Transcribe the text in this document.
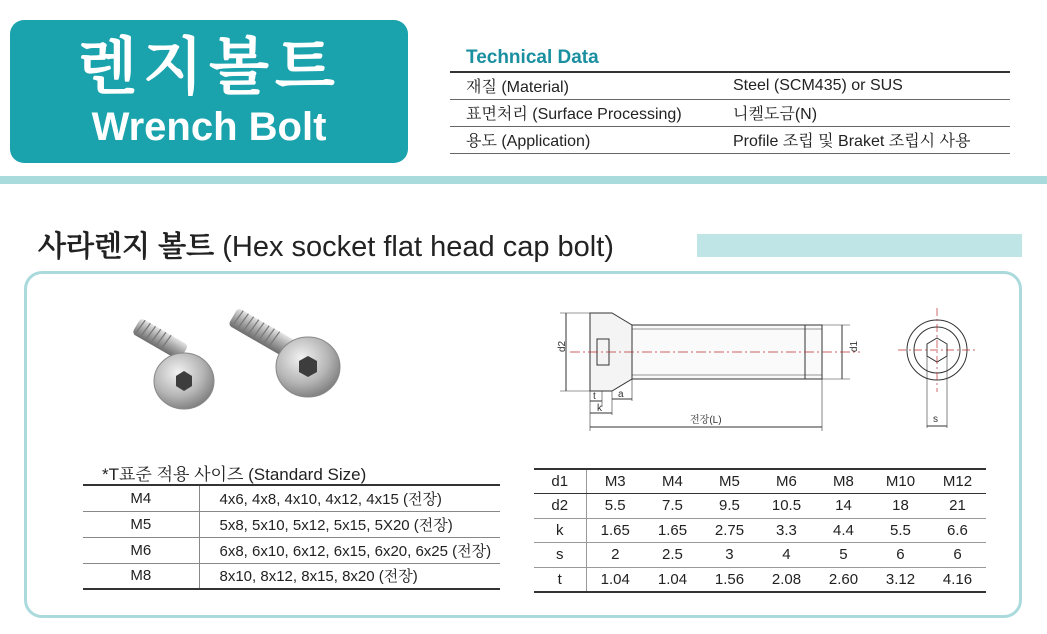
렌지볼트
Wrench Bolt
Technical Data
재질 (Material)	Steel (SCM435) or SUS
표면처리 (Surface Processing)	니켈도금(N)
용도 (Application)	Profile 조립 및 Braket 조립시 사용
사라렌지 볼트 (Hex socket flat head cap bolt)
d2	d1
t a
k
전장(L)	s
*T표준 적용 사이즈 (Standard Size)
M4	4x6, 4x8, 4x10, 4x12, 4x15 (전장)
M5	5x8, 5x10, 5x12, 5x15, 5X20 (전장)
M6	6x8, 6x10, 6x12, 6x15, 6x20, 6x25 (전장)
M8	8x10, 8x12, 8x15, 8x20 (전장)
d1	M3	M4	M5	M6	M8	M10	M12
d2	5.5	7.5	9.5	10.5	14	18	21
k	1.65	1.65	2.75	3.3	4.4	5.5	6.6
s	2	2.5	3	4	5	6	6
t	1.04	1.04	1.56	2.08	2.60	3.12	4.16
